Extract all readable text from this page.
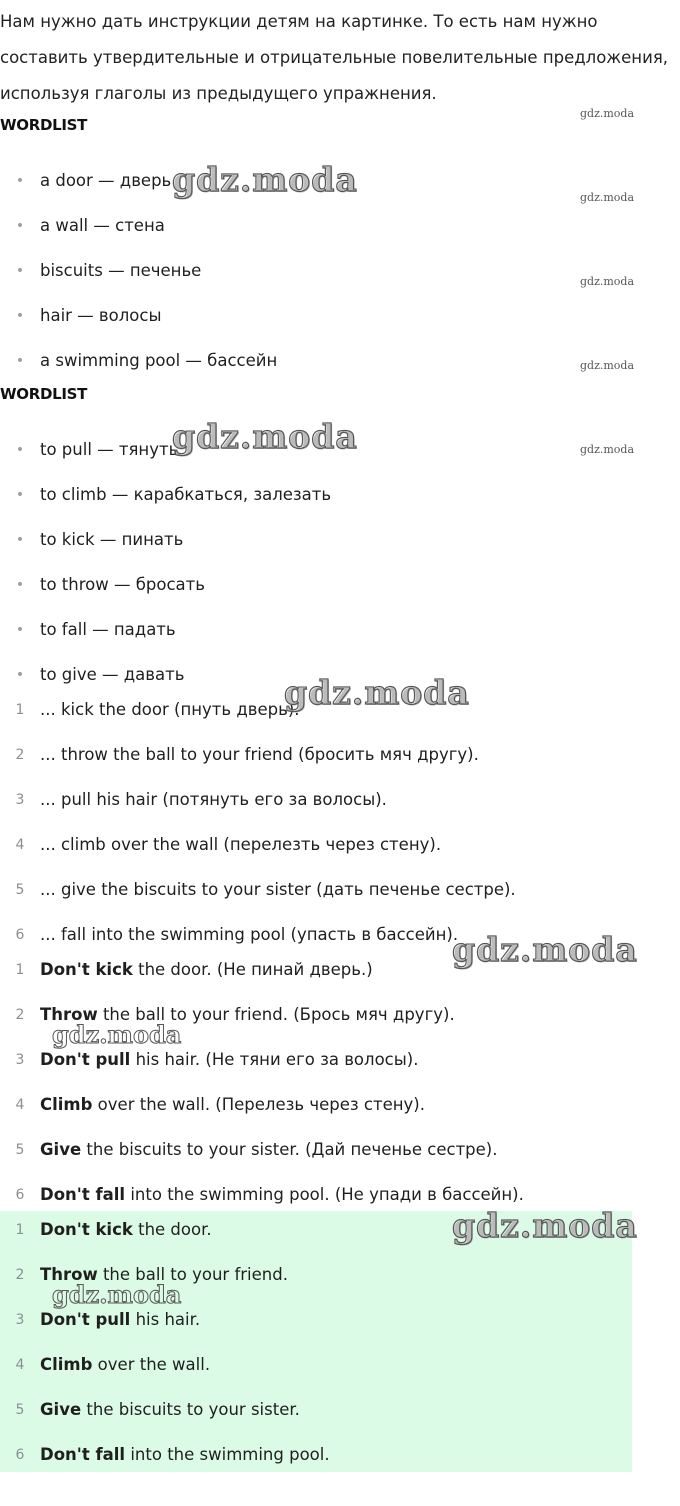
Нам нужно дать инструкции детям на картинке. То есть нам нужно составить утвердительные и отрицательные повелительные предложения, используя глаголы из предыдущего упражнения.

WORDLIST
• a door — дверь
• a wall — стена
• biscuits — печенье
• hair — волосы
• a swimming pool — бассейн
WORDLIST
• to pull — тянуть
• to climb — карабкаться, залезать
• to kick — пинать
• to throw — бросать
• to fall — падать
• to give — давать
1 ... kick the door (пнуть дверь).
2 ... throw the ball to your friend (бросить мяч другу).
3 ... pull his hair (потянуть его за волосы).
4 ... climb over the wall (перелезть через стену).
5 ... give the biscuits to your sister (дать печенье сестре).
6 ... fall into the swimming pool (упасть в бассейн).
1 Don't kick the door. (Не пинай дверь.)
2 Throw the ball to your friend. (Брось мяч другу).
3 Don't pull his hair. (Не тяни его за волосы).
4 Climb over the wall. (Перелезь через стену).
5 Give the biscuits to your sister. (Дай печенье сестре).
6 Don't fall into the swimming pool. (Не упади в бассейн).
1 Don't kick the door.
2 Throw the ball to your friend.
3 Don't pull his hair.
4 Climb over the wall.
5 Give the biscuits to your sister.
6 Don't fall into the swimming pool.
gdz.moda
gdz.moda
gdz.moda
gdz.moda
gdz.moda
gdz.moda
gdz.moda
gdz.moda
gdz.moda
gdz.moda
gdz.moda
gdz.moda
